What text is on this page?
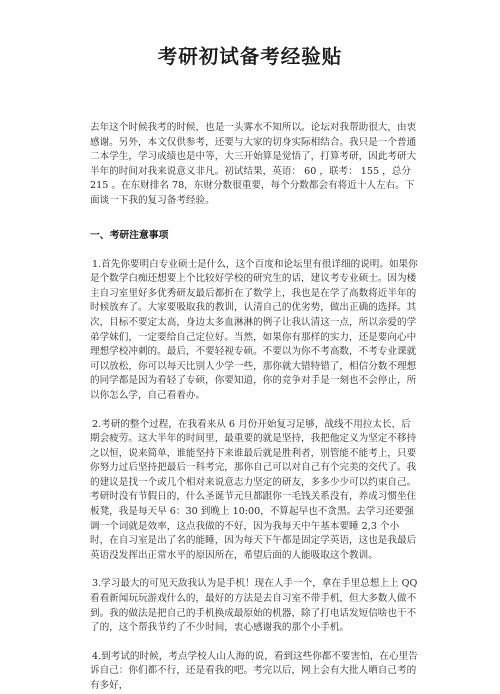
考研初试备考经验贴

去年这个时候我考的时候，也是一头雾水不知所以。论坛对我帮助很大，由衷感谢。另外，本文仅供参考，还要与大家的切身实际相结合。我只是一个普通二本学生，学习成绩也是中等，大三开始算是觉悟了，打算考研，因此考研大半年的时间对我来说意义非凡。初试结果，英语： 60 ，联考： 155 ，总分 215 。在东财排名 78，东财分数很重要，每个分数都会有将近十人左右。下面谈一下我的复习备考经验。

一、考研注意事项

1.首先你要明白专业硕士是什么，这个百度和论坛里有很详细的说明。如果你是个数学白痴还想要上个比较好学校的研究生的话，建议考专业硕士。因为楼主自习室里好多优秀研友最后都折在了数学上，我也是在学了高数将近半年的时候放弃了。大家要吸取我的教训，认清自己的优劣势，做出正确的选择。其次，目标不要定太高，身边太多血淋淋的例子让我认清这一点，所以亲爱的学弟学妹们，一定要给自己定位好。当然，如果你有那样的实力，还是要向心中理想学校冲刺的。最后，不要轻视专硕。不要以为你不考高数，不考专业课就可以放松，你可以每天比别人少学一些，那你就大错特错了，相信分数不理想的同学都是因为看轻了专硕，你要知道，你的竞争对手是一刻也不会停止，所以你怎么学，自己看着办。

2.考研的整个过程，在我看来从 6 月份开始复习足够，战线不用拉太长，后期会疲劳。这大半年的时间里，最重要的就是坚持，我把他定义为坚定不移持之以恒，说来简单，谁能坚持下来谁最后就是胜利者，别管能不能考上，只要你努力过后坚持把最后一科考完，那你自己可以对自己有个完美的交代了。我的建议是找一个或几个相对来说意志力坚定的研友，多多少少可以约束自己。考研时没有节假日的，什么圣诞节元旦都跟你一毛钱关系没有，养成习惯坐住板凳，我是每天早 6：30 到晚上 10:00，不算起早也不贪黑。去学习还要强调一个词就是效率，这点我做的不好，因为我每天中午基本要睡 2,3 个小时，在自习室是出了名的能睡，因为每天下午都是固定学英语，这也是我最后英语没发挥出正常水平的原因所在，希望后面的人能吸取这个教训。

3.学习最大的可见天敌我认为是手机！现在人手一个，拿在手里总想上上 QQ 看看新闻玩玩游戏什么的，最好的方法是去自习室不带手机，但大多数人做不到。我的做法是把自己的手机换成最原始的机器，除了打电话发短信啥也干不了的，这个帮我节约了不少时间，衷心感谢我的那个小手机。

4.到考试的时候，考点学校人山人海的说，看到这些你都不要害怕，在心里告诉自己：你们都不行，还是看我的吧。考完以后，网上会有大批人晒自己考的有多好，
